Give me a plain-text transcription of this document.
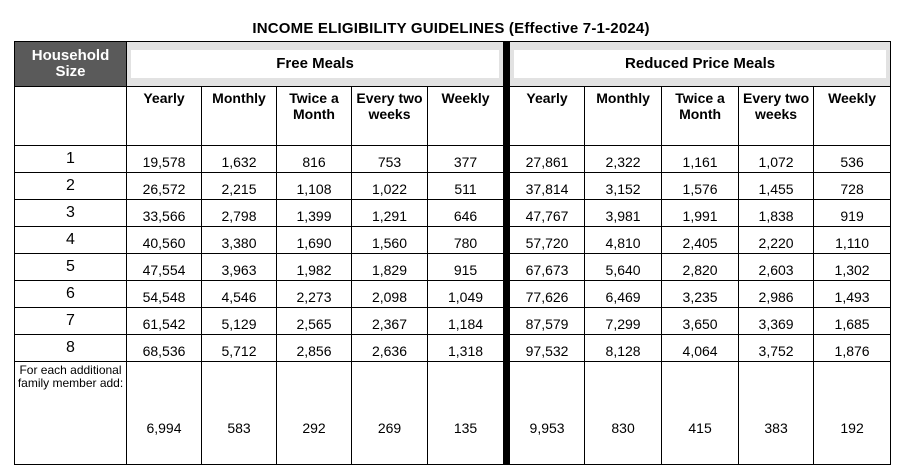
INCOME ELIGIBILITY GUIDELINES (Effective 7-1-2024)
Household Size	Free Meals						Reduced Price Meals				

	Yearly	Monthly	Twice a Month	Every two weeks	Weekly		Yearly	Monthly	Twice a Month	Every two weeks	Weekly
1	19,578	1,632	816	753	377		27,861	2,322	1,161	1,072	536
2	26,572	2,215	1,108	1,022	511		37,814	3,152	1,576	1,455	728
3	33,566	2,798	1,399	1,291	646		47,767	3,981	1,991	1,838	919
4	40,560	3,380	1,690	1,560	780		57,720	4,810	2,405	2,220	1,110
5	47,554	3,963	1,982	1,829	915		67,673	5,640	2,820	2,603	1,302
6	54,548	4,546	2,273	2,098	1,049		77,626	6,469	3,235	2,986	1,493
7	61,542	5,129	2,565	2,367	1,184		87,579	7,299	3,650	3,369	1,685
8	68,536	5,712	2,856	2,636	1,318		97,532	8,128	4,064	3,752	1,876
For each additional family member add:	6,994	583	292	269	135		9,953	830	415	383	192
